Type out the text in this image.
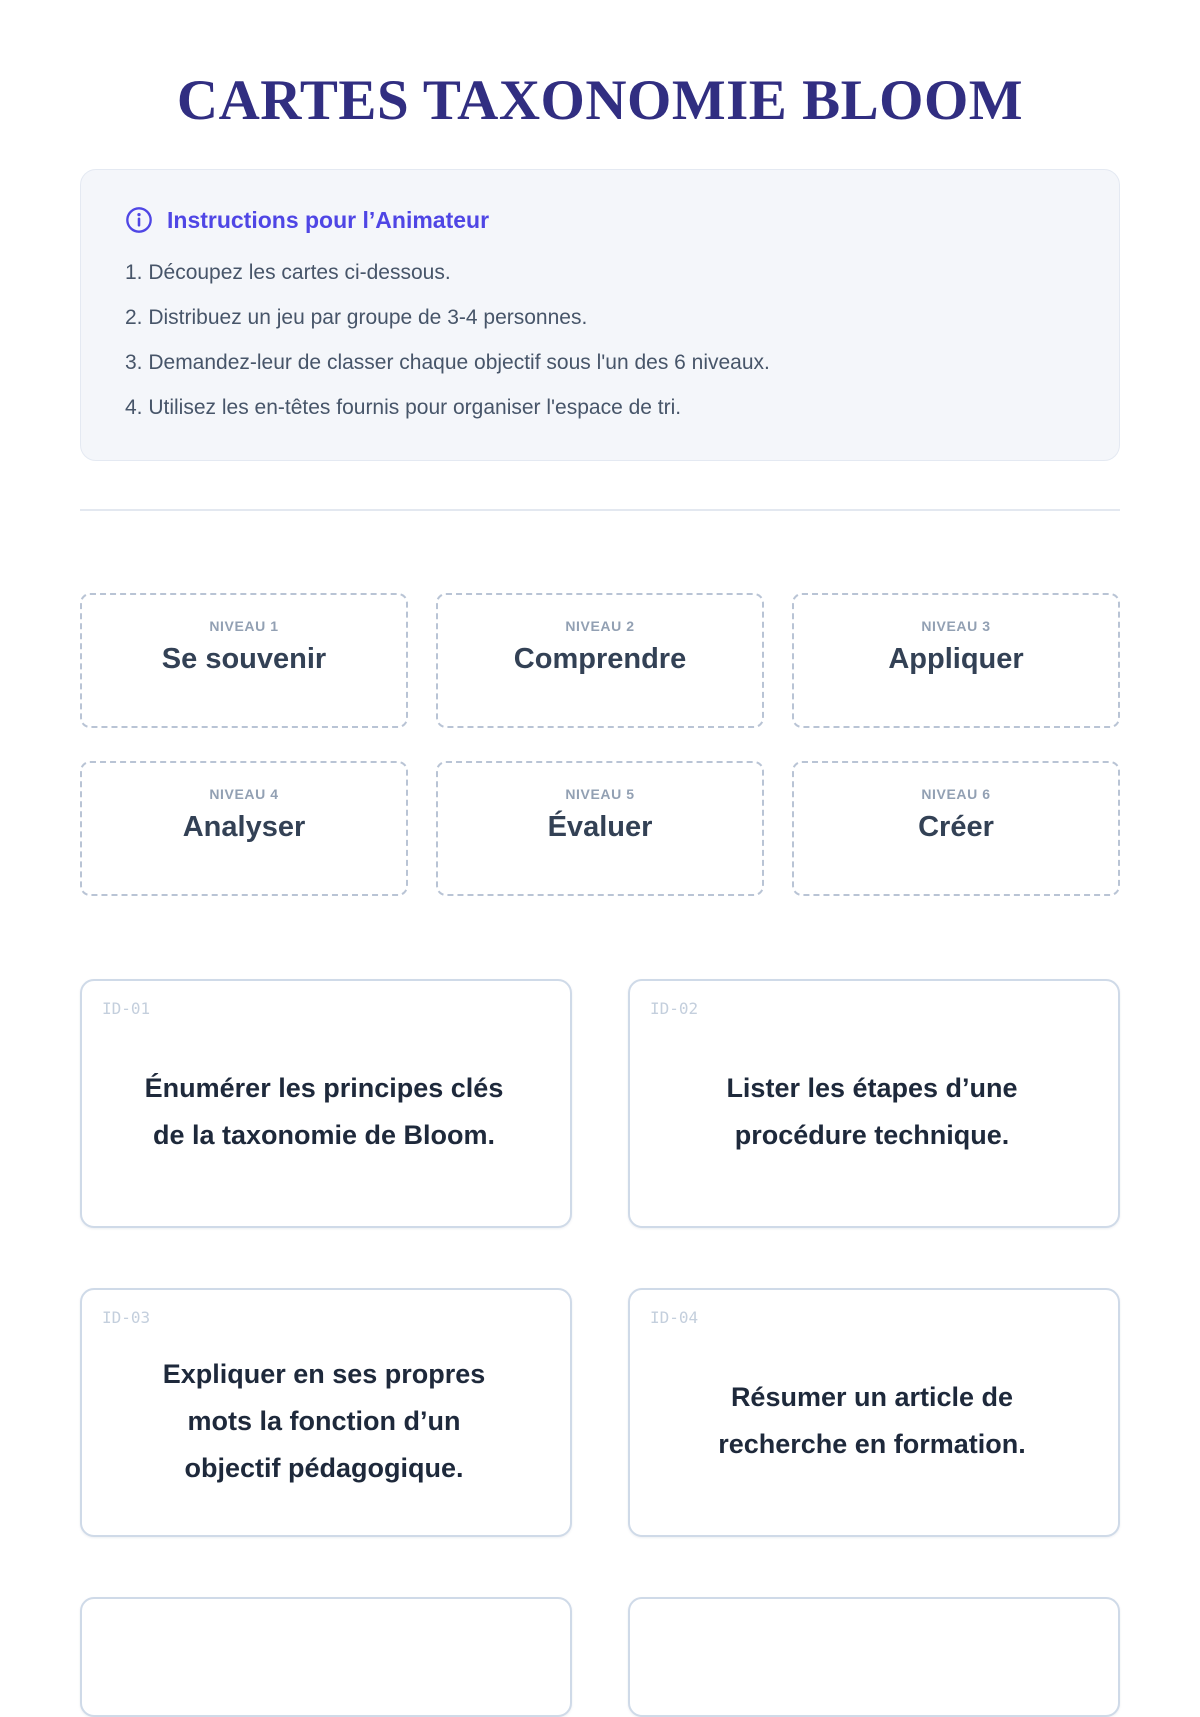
CARTES TAXONOMIE BLOOM
Instructions pour l’Animateur
1. Découpez les cartes ci-dessous.
2. Distribuez un jeu par groupe de 3-4 personnes.
3. Demandez-leur de classer chaque objectif sous l'un des 6 niveaux.
4. Utilisez les en-têtes fournis pour organiser l'espace de tri.
NIVEAU 1
Se souvenir
NIVEAU 2
Comprendre
NIVEAU 3
Appliquer
NIVEAU 4
Analyser
NIVEAU 5
Évaluer
NIVEAU 6
Créer
ID-01

Énumérer les principes clés de la taxonomie de Bloom.

ID-02

Lister les étapes d’une procédure technique.

ID-03

Expliquer en ses propres mots la fonction d’un objectif pédagogique.

ID-04

Résumer un article de recherche en formation.
